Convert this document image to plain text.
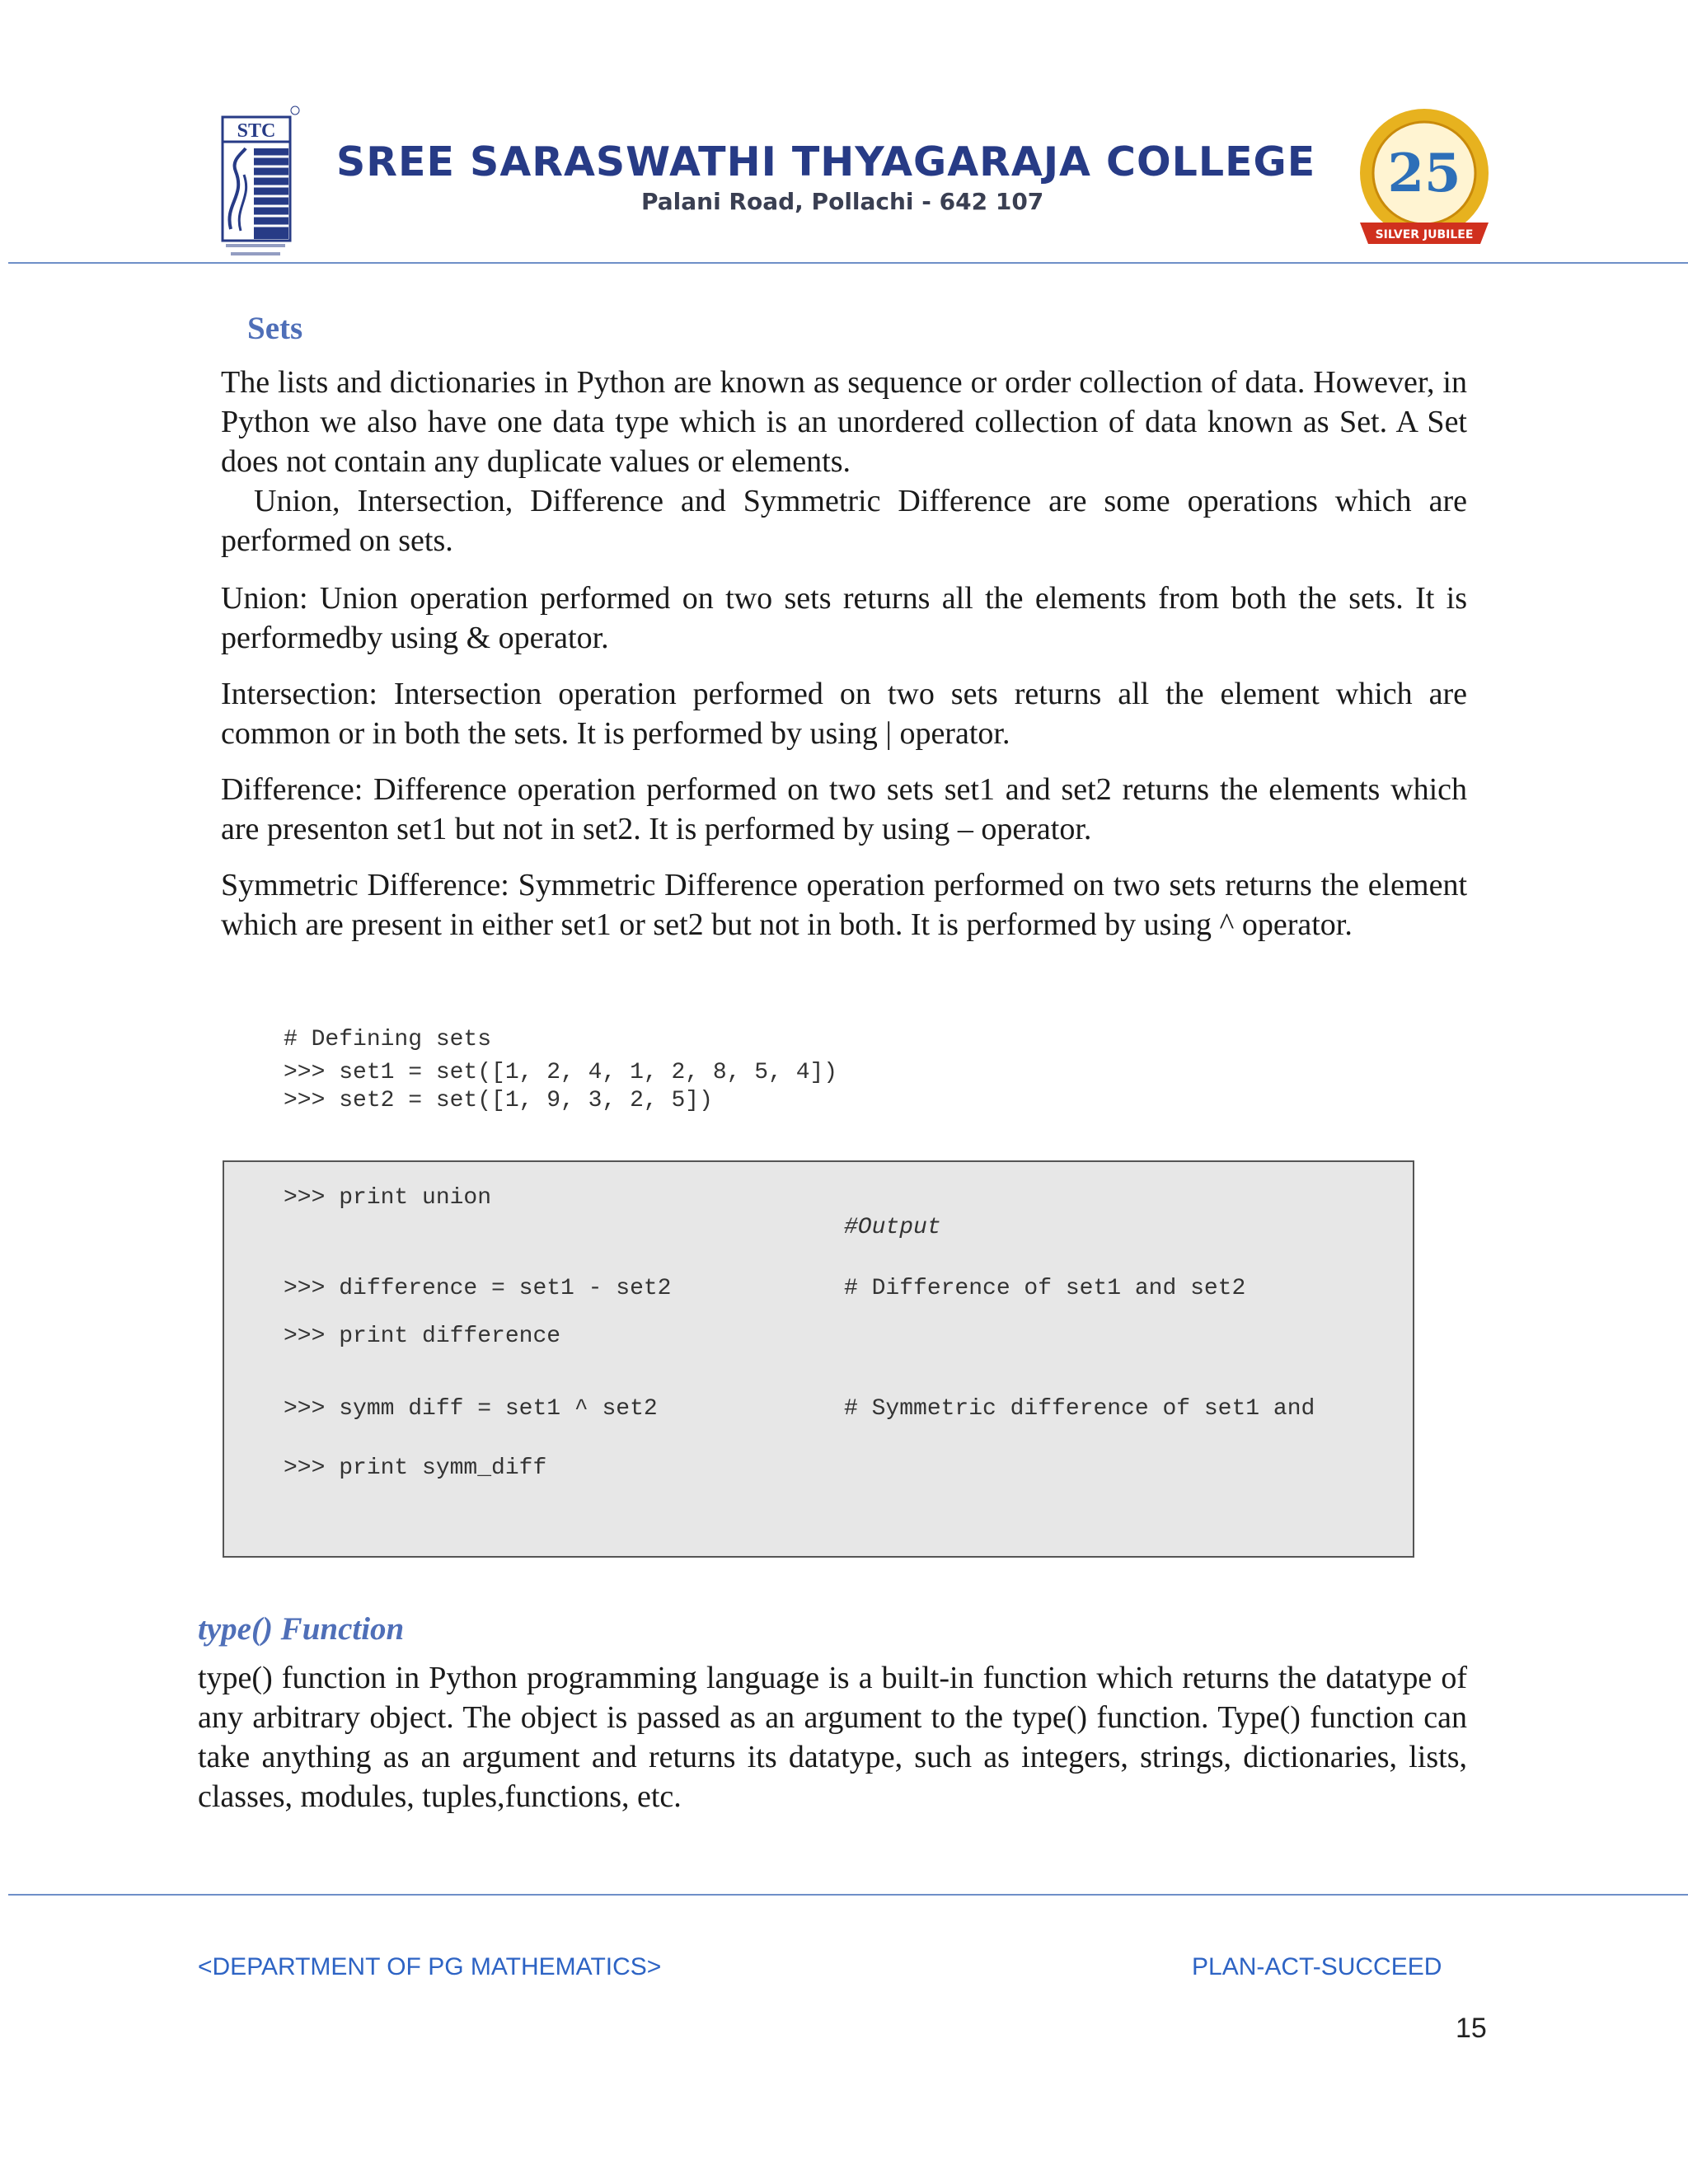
STC
SREE SARASWATHI THYAGARAJA COLLEGE
Palani Road, Pollachi - 642 107	25
SILVER JUBILEE
Sets

The lists and dictionaries in Python are known as sequence or order collection of data. However, in Python we also have one data type which is an unordered collection of data known as Set. A Set does not contain any duplicate values or elements.

Union, Intersection, Difference and Symmetric Difference are some operations which are performed on sets.

Union: Union operation performed on two sets returns all the elements from both the sets. It is performedby using & operator.

Intersection: Intersection operation performed on two sets returns all the element which are common or in both the sets. It is performed by using | operator.

Difference: Difference operation performed on two sets set1 and set2 returns the elements which are presenton set1 but not in set2. It is performed by using – operator.

Symmetric Difference: Symmetric Difference operation performed on two sets returns the element which are present in either set1 or set2 but not in both. It is performed by using ^ operator.

# Defining sets
>>> set1 = set([1, 2, 4, 1, 2, 8, 5, 4])
>>> set2 = set([1, 9, 3, 2, 5])
>>> print union

#Output
>>> difference = set1 - set2	# Difference of set1 and set2
>>> print difference
>>> symm diff = set1 ^ set2	# Symmetric difference of set1 and

>>> print symm_diff

type() Function

type() function in Python programming language is a built-in function which returns the datatype of any arbitrary object. The object is passed as an argument to the type() function. Type() function can take anything as an argument and returns its datatype, such as integers, strings, dictionaries, lists, classes, modules, tuples,functions, etc.

<DEPARTMENT OF PG MATHEMATICS>	PLAN-ACT-SUCCEED
15
